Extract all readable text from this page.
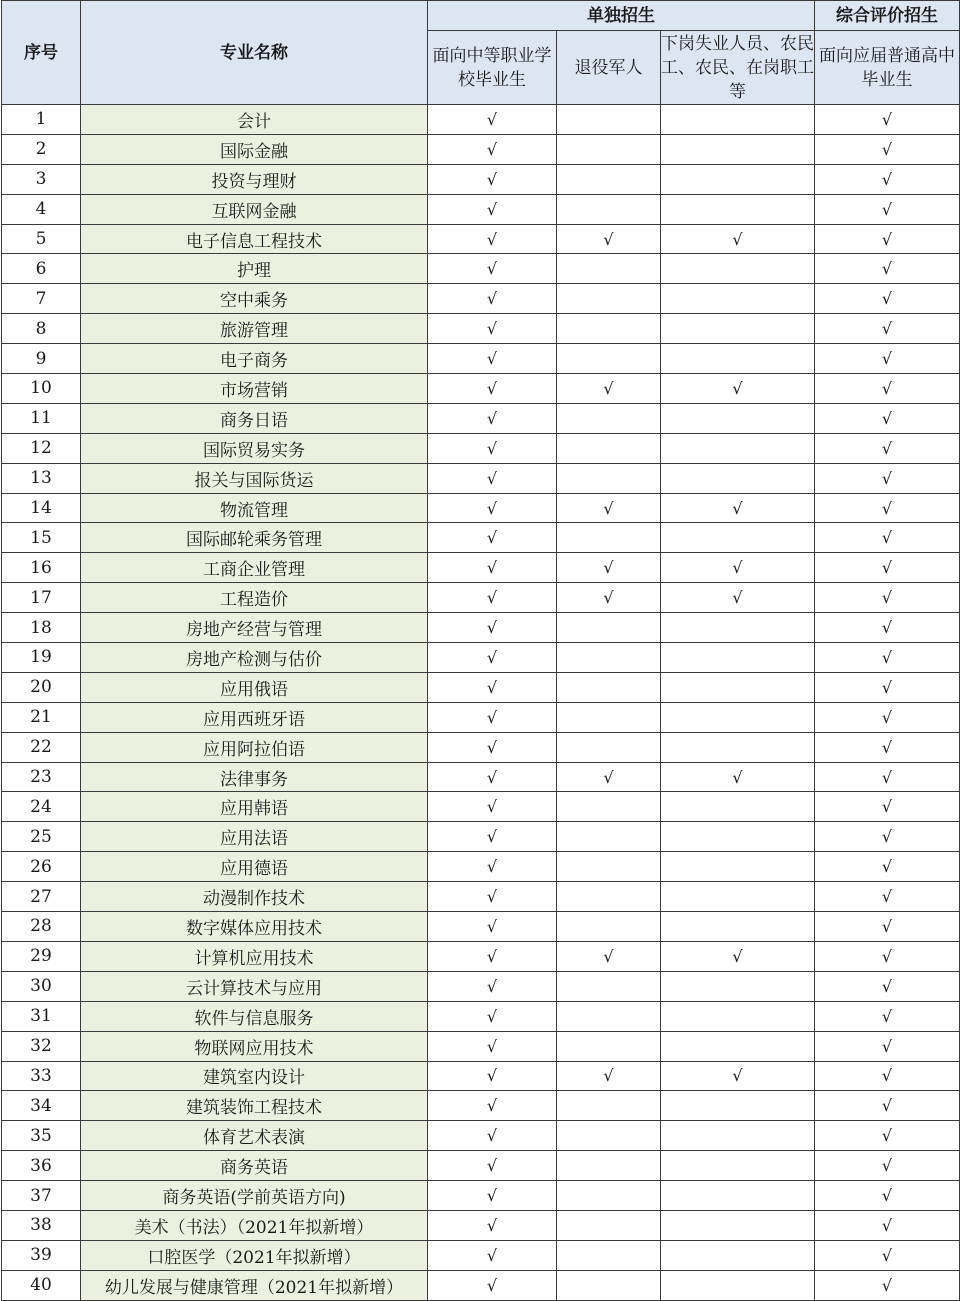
序号	专业名称	单独招生			综合评价招生
		面向中等职业学校毕业生	退役军人	下岗失业人员、农民工、农民、在岗职工等	面向应届普通高中毕业生
1	会计	√			√
2	国际金融	√			√
3	投资与理财	√			√
4	互联网金融	√			√
5	电子信息工程技术	√	√	√	√
6	护理	√			√
7	空中乘务	√			√
8	旅游管理	√			√
9	电子商务	√			√
10	市场营销	√	√	√	√
11	商务日语	√			√
12	国际贸易实务	√			√
13	报关与国际货运	√			√
14	物流管理	√	√	√	√
15	国际邮轮乘务管理	√			√
16	工商企业管理	√	√	√	√
17	工程造价	√	√	√	√
18	房地产经营与管理	√			√
19	房地产检测与估价	√			√
20	应用俄语	√			√
21	应用西班牙语	√			√
22	应用阿拉伯语	√			√
23	法律事务	√	√	√	√
24	应用韩语	√			√
25	应用法语	√			√
26	应用德语	√			√
27	动漫制作技术	√			√
28	数字媒体应用技术	√			√
29	计算机应用技术	√	√	√	√
30	云计算技术与应用	√			√
31	软件与信息服务	√			√
32	物联网应用技术	√			√
33	建筑室内设计	√	√	√	√
34	建筑装饰工程技术	√			√
35	体育艺术表演	√			√
36	商务英语	√			√
37	商务英语(学前英语方向)	√			√
38	美术（书法）（2021年拟新增）	√			√
39	口腔医学（2021年拟新增）	√			√
40	幼儿发展与健康管理（2021年拟新增）	√			√
